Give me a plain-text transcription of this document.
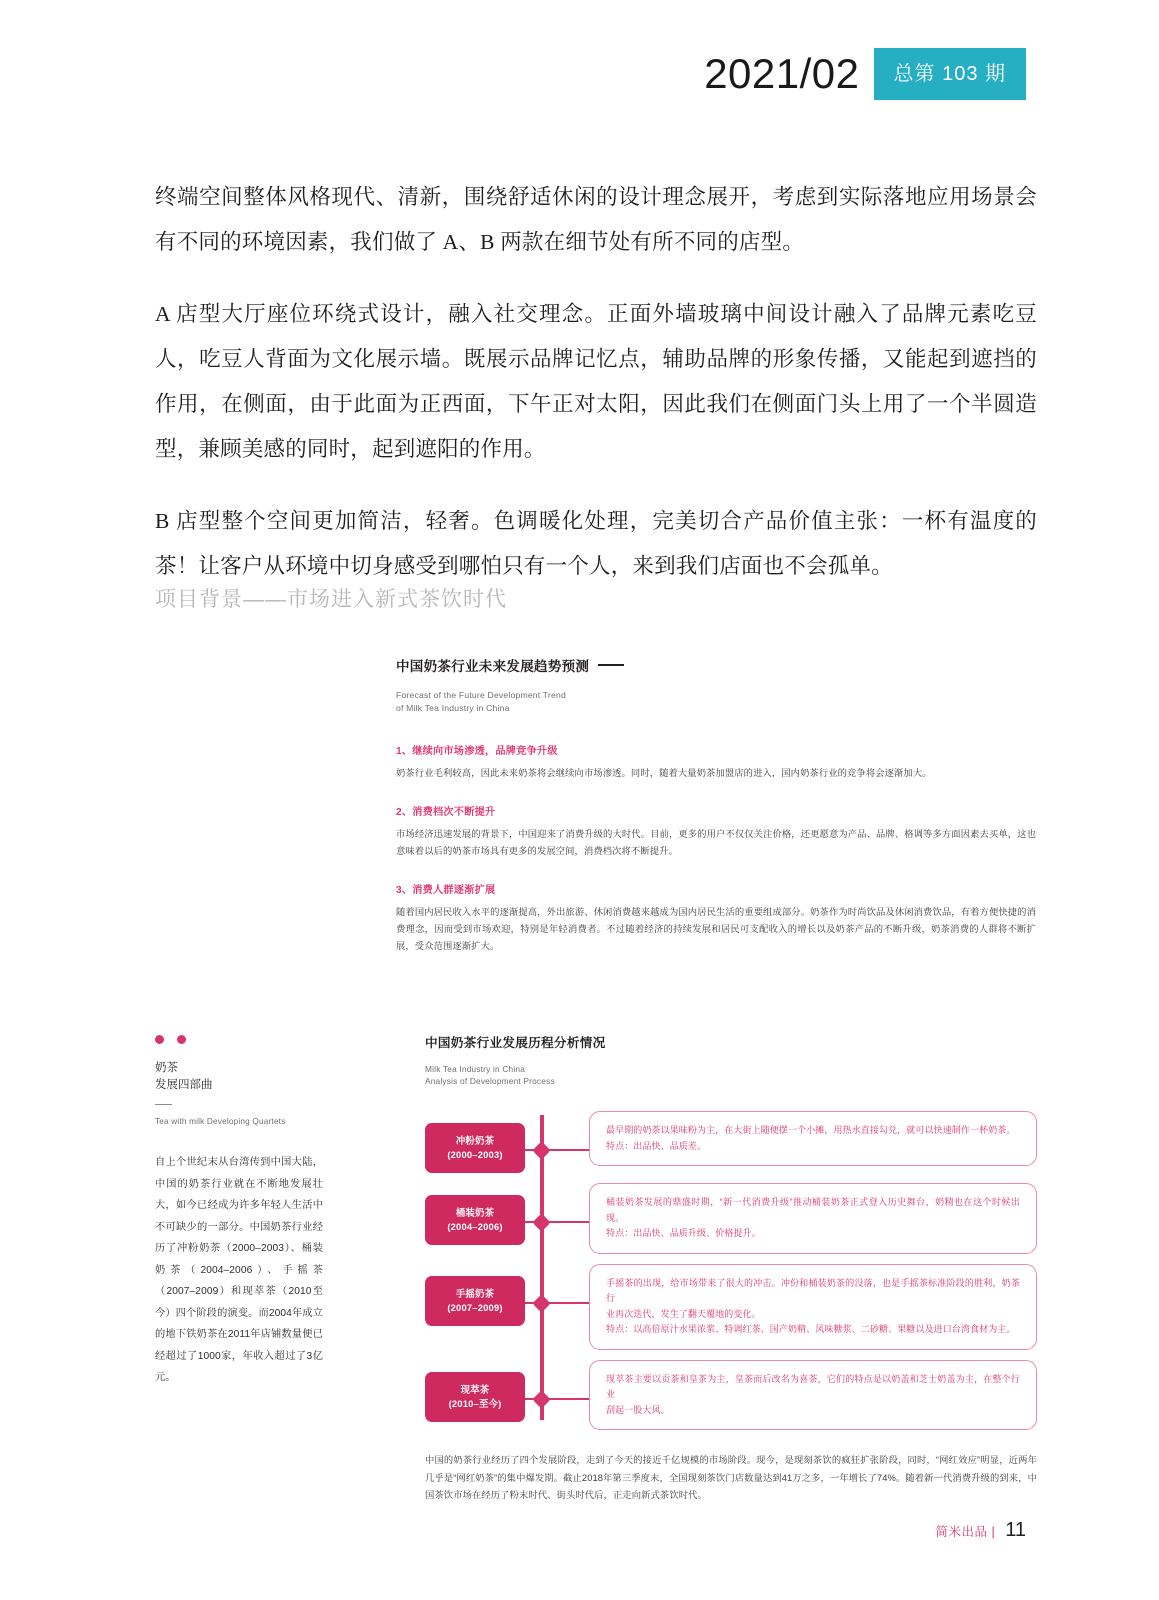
2021/02	总第 103 期

终端空间整体风格现代、清新，围绕舒适休闲的设计理念展开，考虑到实际落地应用场景会有不同的环境因素，我们做了 A、B 两款在细节处有所不同的店型。

A 店型大厅座位环绕式设计，融入社交理念。正面外墙玻璃中间设计融入了品牌元素吃豆人，吃豆人背面为文化展示墙。既展示品牌记忆点，辅助品牌的形象传播，又能起到遮挡的作用，在侧面，由于此面为正西面，下午正对太阳，因此我们在侧面门头上用了一个半圆造型，兼顾美感的同时，起到遮阳的作用。

B 店型整个空间更加简洁，轻奢。色调暖化处理，完美切合产品价值主张：一杯有温度的茶！让客户从环境中切身感受到哪怕只有一个人，来到我们店面也不会孤单。

项目背景——市场进入新式茶饮时代
中国奶茶行业未来发展趋势预测
Forecast of the Future Development Trend
of Milk Tea Industry in China
1、继续向市场渗透，品牌竞争升级
奶茶行业毛利较高，因此未来奶茶将会继续向市场渗透。同时，随着大量奶茶加盟店的进入，国内奶茶行业的竞争将会逐渐加大。
2、消费档次不断提升
市场经济迅速发展的背景下，中国迎来了消费升级的大时代。目前，更多的用户不仅仅关注价格，还更愿意为产品、品牌、格调等多方面因素去买单，这也意味着以后的奶茶市场具有更多的发展空间，消费档次将不断提升。
3、消费人群逐渐扩展
随着国内居民收入水平的逐渐提高，外出旅游、休闲消费越来越成为国内居民生活的重要组成部分。奶茶作为时尚饮品及休闲消费饮品，有着方便快捷的消费理念，因而受到市场欢迎，特别是年轻消费者。不过随着经济的持续发展和居民可支配收入的增长以及奶茶产品的不断升级，奶茶消费的人群将不断扩展，受众范围逐渐扩大。
奶茶
发展四部曲
Tea with milk Developing Quartets
自上个世纪末从台湾传到中国大陆，中国的奶茶行业就在不断地发展壮大，如今已经成为许多年轻人生活中不可缺少的一部分。中国奶茶行业经历了冲粉奶茶（2000–2003）、桶装奶茶（2004–2006）、手摇茶（2007–2009）和现萃茶（2010至今）四个阶段的演变。而2004年成立的地下铁奶茶在2011年店铺数量便已经超过了1000家，年收入超过了3亿元。
中国奶茶行业发展历程分析情况
Milk Tea Industry in China
Analysis of Development Process
冲粉奶茶
(2000–2003)

最早期的奶茶以果味粉为主，在大街上随便摆一个小摊，用热水直接勾兑，就可以快速制作一杯奶茶。

特点：出品快、品质差。

桶装奶茶
(2004–2006)

桶装奶茶发展的鼎盛时期，“新一代消费升级”推动桶装奶茶正式登入历史舞台，奶精也在这个时候出现。

特点：出品快、品质升级、价格提升。

手摇奶茶
(2007–2009)

手摇茶的出现，给市场带来了很大的冲击。冲份和桶装奶茶的没落，也是手摇茶标准阶段的胜利，奶茶行

业再次迭代，发生了翻天覆地的变化。

特点：以高倍原汁水果浓浆、特调红茶、国产奶精、风味糖浆、二砂糖、果糖以及进口台湾食材为主。

现萃茶
(2010–至今)

现萃茶主要以贡茶和皇茶为主，皇茶而后改名为喜茶，它们的特点是以奶盖和芝士奶盖为主，在整个行业

刮起一股大风。

中国的奶茶行业经历了四个发展阶段，走到了今天的接近千亿规模的市场阶段。现今，是现刻茶饮的疯狂扩张阶段，同时，“网红效应”明显，近两年几乎是“网红奶茶”的集中爆发期。截止2018年第三季度末，全国现刻茶饮门店数量达到41万之多，一年增长了74%。随着新一代消费升级的到来，中国茶饮市场在经历了粉末时代、街头时代后，正走向新式茶饮时代。
简米出品 | 11
